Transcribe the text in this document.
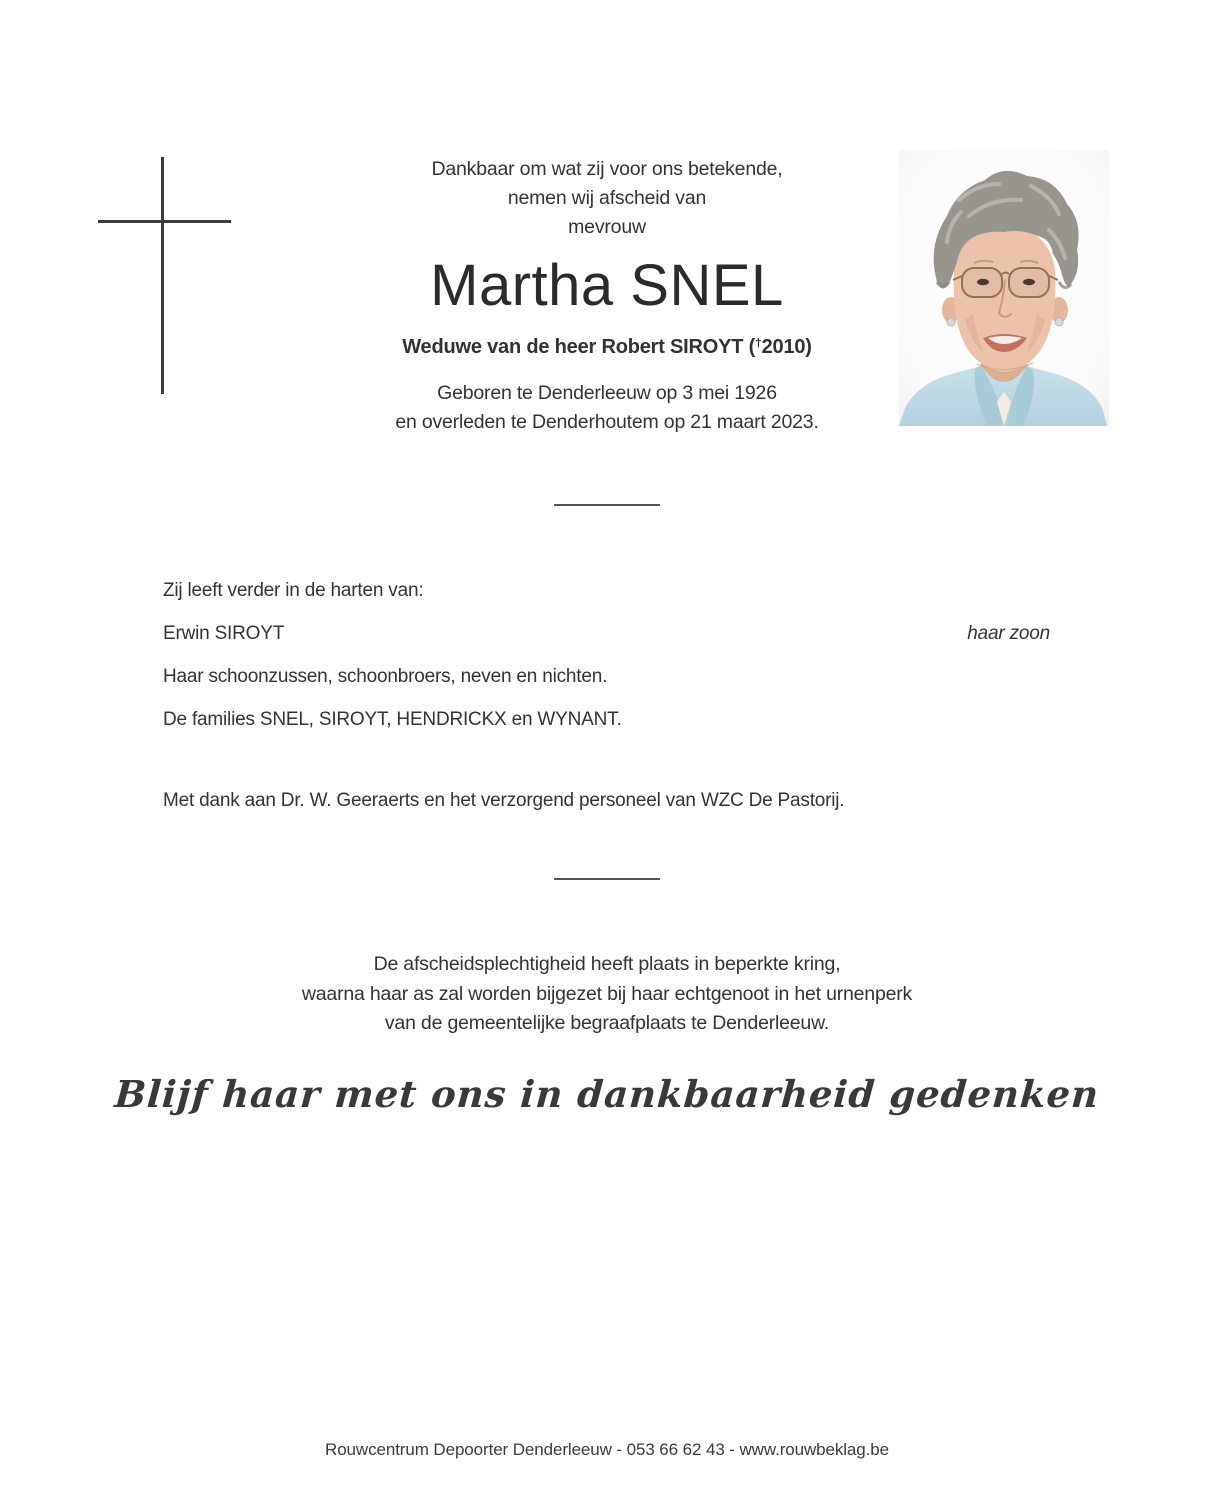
Dankbaar om wat zij voor ons betekende,
nemen wij afscheid van
mevrouw
Martha SNEL
Weduwe van de heer Robert SIROYT (†2010)
Geboren te Denderleeuw op 3 mei 1926
en overleden te Denderhoutem op 21 maart 2023.
Zij leeft verder in de harten van:
Erwin SIROYT	haar zoon
Haar schoonzussen, schoonbroers, neven en nichten.
De families SNEL, SIROYT, HENDRICKX en WYNANT.
Met dank aan Dr. W. Geeraerts en het verzorgend personeel van WZC De Pastorij.
De afscheidsplechtigheid heeft plaats in beperkte kring,
waarna haar as zal worden bijgezet bij haar echtgenoot in het urnenperk
van de gemeentelijke begraafplaats te Denderleeuw.
Blijf haar met ons in dankbaarheid gedenken
Rouwcentrum Depoorter Denderleeuw - 053 66 62 43 - www.rouwbeklag.be
